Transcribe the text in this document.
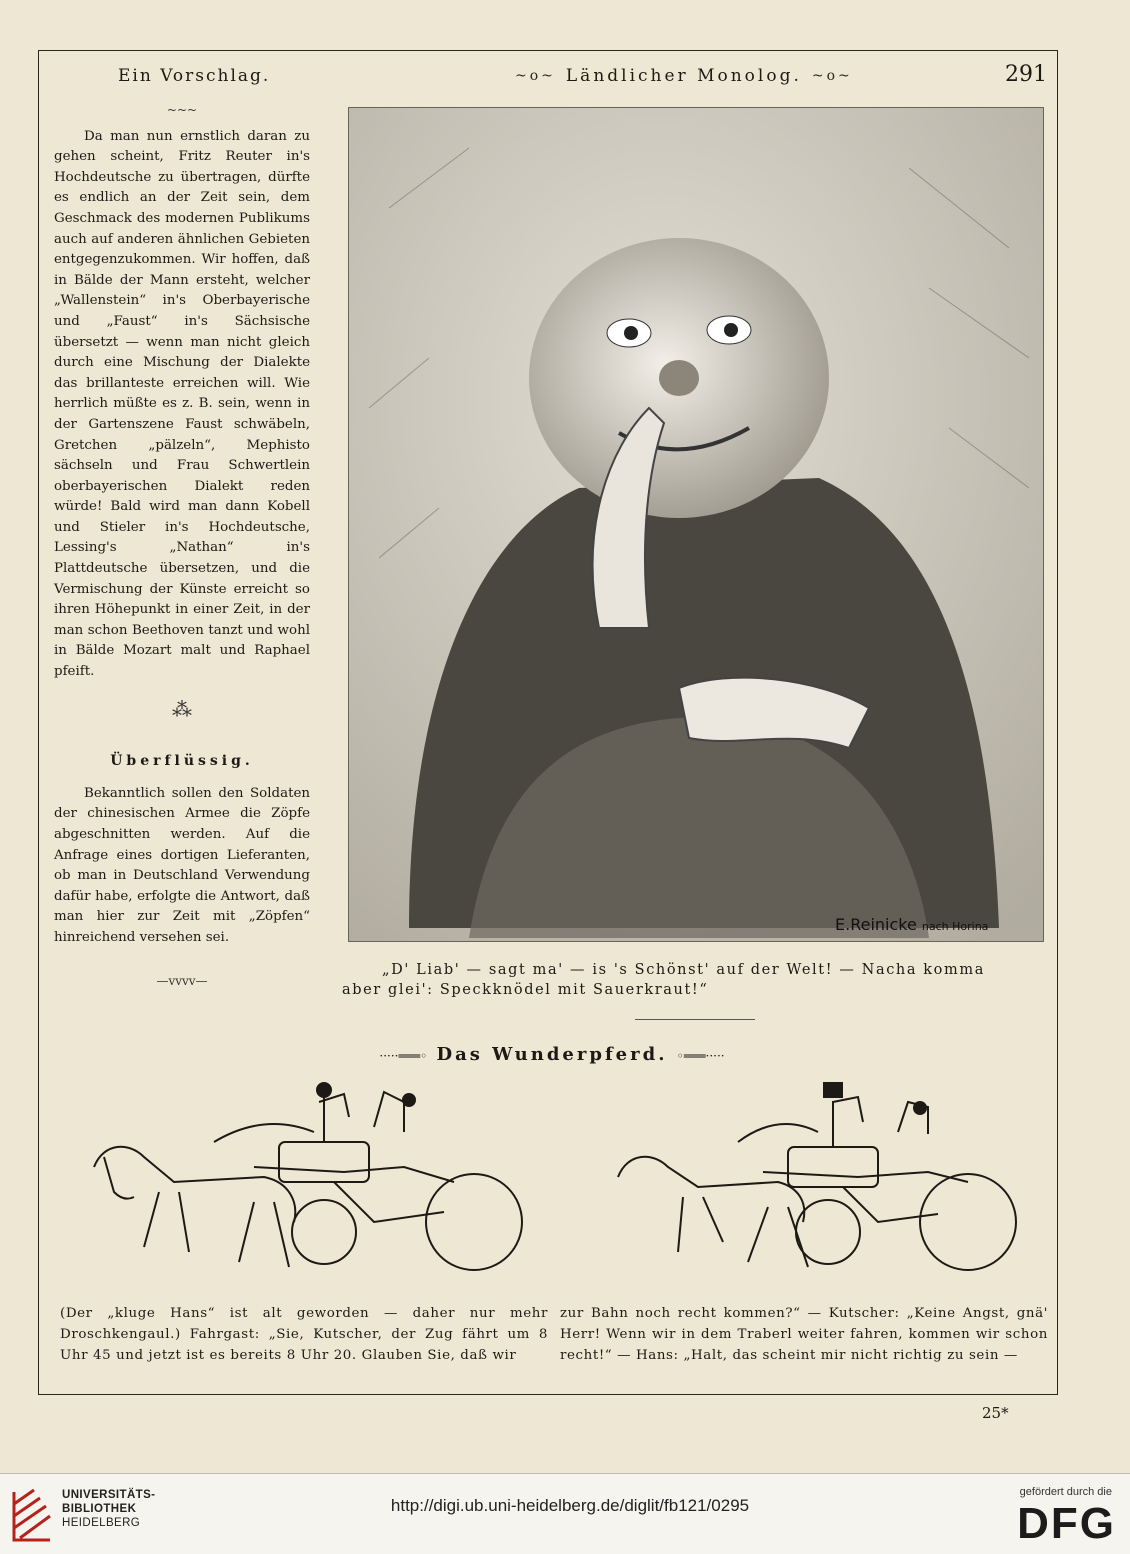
Ein Vorschlag.	~o~ Ländlicher Monolog. ~o~	291
~~~

Da man nun ernstlich daran zu gehen scheint, Fritz Reuter in's Hochdeutsche zu übertragen, dürfte es endlich an der Zeit sein, dem Geschmack des modernen Publikums auch auf anderen ähnlichen Gebieten entgegenzukommen. Wir hoffen, daß in Bälde der Mann ersteht, welcher „Wallenstein“ in's Oberbayerische und „Faust“ in's Sächsische übersetzt — wenn man nicht gleich durch eine Mischung der Dialekte das brillanteste erreichen will. Wie herrlich müßte es z. B. sein, wenn in der Gartenszene Faust schwäbeln, Gretchen „pälzeln“, Mephisto sächseln und Frau Schwertlein oberbayerischen Dialekt reden würde! Bald wird man dann Kobell und Stieler in's Hochdeutsche, Lessing's „Nathan“ in's Plattdeutsche übersetzen, und die Vermischung der Künste erreicht so ihren Höhepunkt in einer Zeit, in der man schon Beethoven tanzt und wohl in Bälde Mozart malt und Raphael pfeift.

⁂
Überflüssig.

Bekanntlich sollen den Soldaten der chinesischen Armee die Zöpfe abgeschnitten werden. Auf die Anfrage eines dortigen Lieferanten, ob man in Deutschland Verwendung dafür habe, erfolgte die Antwort, daß man hier zur Zeit mit „Zöpfen“ hinreichend versehen sei.

—vvvv—
E.Reinicke nach Horina
„D' Liab' — sagt ma' — is 's Schönst' auf der Welt! — Nacha komma
aber glei': Speckknödel mit Sauerkraut!“
·····═══◦ Das Wunderpferd. ◦═══·····
(Der „kluge Hans“ ist alt geworden — daher nur mehr Droschkengaul.) Fahrgast: „Sie, Kutscher, der Zug fährt um 8 Uhr 45 und jetzt ist es bereits 8 Uhr 20. Glauben Sie, daß wir
zur Bahn noch recht kommen?“ — Kutscher: „Keine Angst, gnä' Herr! Wenn wir in dem Traberl weiter fahren, kommen wir schon recht!“ — Hans: „Halt, das scheint mir nicht richtig zu sein —
25*
UNIVERSITÄTS-
BIBLIOTHEK
HEIDELBERG
http://digi.ub.uni-heidelberg.de/diglit/fb121/0295
gefördert durch die
DFG
